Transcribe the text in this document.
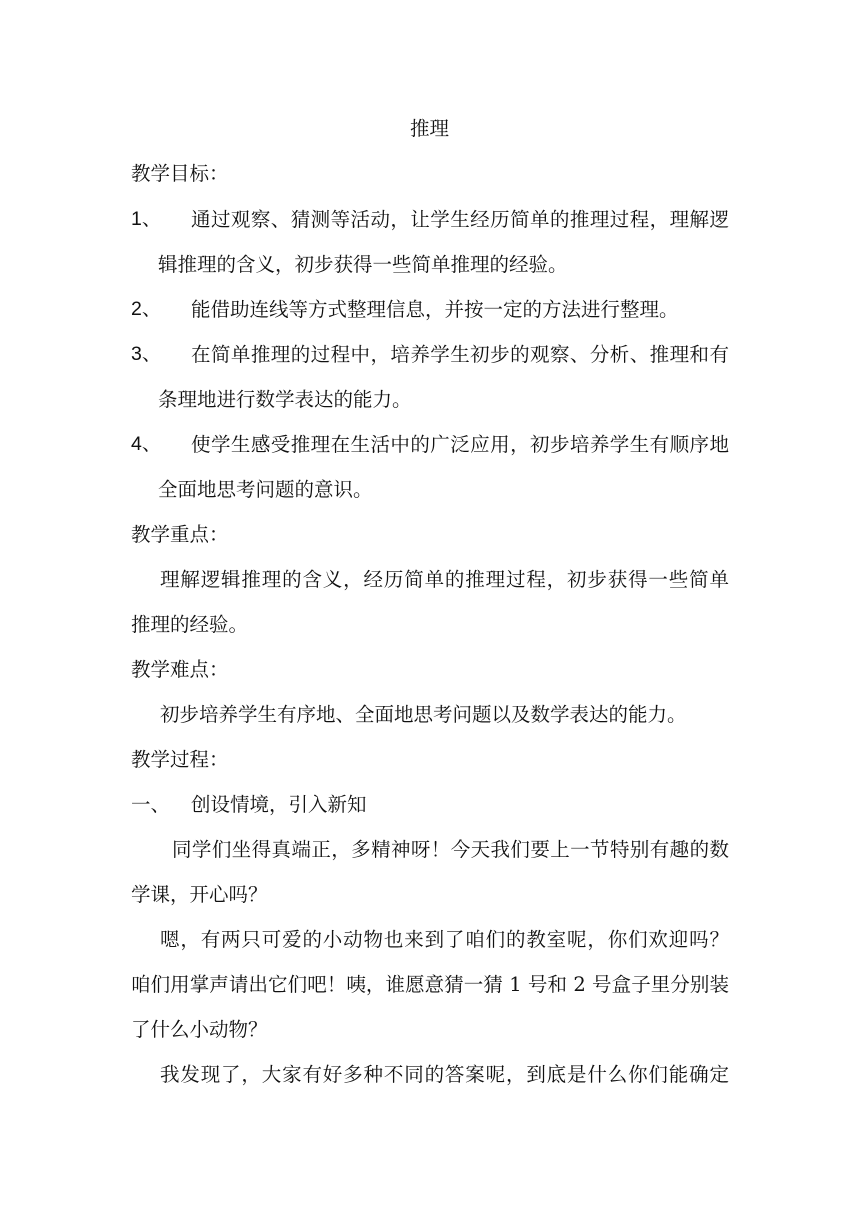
推理
教学目标：
1、 通过观察、猜测等活动，让学生经历简单的推理过程，理解逻
辑推理的含义，初步获得一些简单推理的经验。
2、 能借助连线等方式整理信息，并按一定的方法进行整理。
3、 在简单推理的过程中，培养学生初步的观察、分析、推理和有
条理地进行数学表达的能力。
4、 使学生感受推理在生活中的广泛应用，初步培养学生有顺序地
全面地思考问题的意识。
教学重点：
理解逻辑推理的含义，经历简单的推理过程，初步获得一些简单
推理的经验。
教学难点：
初步培养学生有序地、全面地思考问题以及数学表达的能力。
教学过程：
一、 创设情境，引入新知
同学们坐得真端正，多精神呀！今天我们要上一节特别有趣的数
学课，开心吗？
嗯，有两只可爱的小动物也来到了咱们的教室呢，你们欢迎吗？
咱们用掌声请出它们吧！咦，谁愿意猜一猜 1 号和 2 号盒子里分别装
了什么小动物？
我发现了，大家有好多种不同的答案呢，到底是什么你们能确定
